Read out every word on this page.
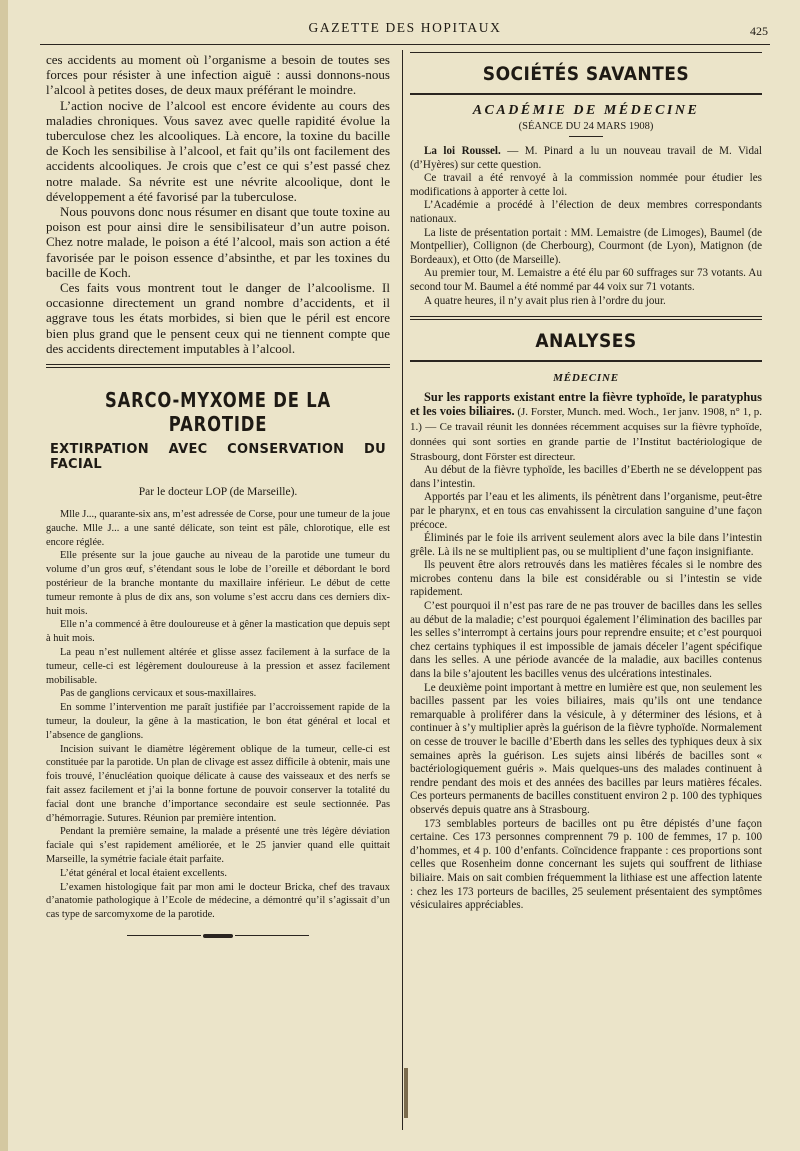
GAZETTE DES HOPITAUX	425

ces accidents au moment où l’organisme a besoin de toutes ses forces pour résister à une infection aiguë : aussi donnons-nous l’alcool à petites doses, de deux maux préférant le moindre.

L’action nocive de l’alcool est encore évidente au cours des maladies chroniques. Vous savez avec quelle rapidité évolue la tuberculose chez les alcooliques. Là encore, la toxine du bacille de Koch les sensibilise à l’alcool, et fait qu’ils ont facilement des accidents alcooliques. Je crois que c’est ce qui s’est passé chez notre malade. Sa névrite est une névrite alcoolique, dont le développement a été favorisé par la tuberculose.

Nous pouvons donc nous résumer en disant que toute toxine au poison est pour ainsi dire le sensibilisateur d’un autre poison. Chez notre malade, le poison a été l’alcool, mais son action a été favorisée par le poison essence d’absinthe, et par les toxines du bacille de Koch.

Ces faits vous montrent tout le danger de l’alcoolisme. Il occasionne directement un grand nombre d’accidents, et il aggrave tous les états morbides, si bien que le péril est encore bien plus grand que le pensent ceux qui ne tiennent compte que des accidents directement imputables à l’alcool.

SARCO-MYXOME DE LA PAROTIDE
EXTIRPATION AVEC CONSERVATION DU FACIAL
Par le docteur LOP (de Marseille).

Mlle J..., quarante-six ans, m’est adressée de Corse, pour une tumeur de la joue gauche. Mlle J... a une santé délicate, son teint est pâle, chlorotique, elle est encore réglée.

Elle présente sur la joue gauche au niveau de la parotide une tumeur du volume d’un gros œuf, s’étendant sous le lobe de l’oreille et débordant le bord postérieur de la branche montante du maxillaire inférieur. Le début de cette tumeur remonte à plus de dix ans, son volume s’est accru dans ces derniers dix-huit mois.

Elle n’a commencé à être douloureuse et à gêner la mastication que depuis sept à huit mois.

La peau n’est nullement altérée et glisse assez facilement à la surface de la tumeur, celle-ci est légèrement douloureuse à la pression et assez facilement mobilisable.

Pas de ganglions cervicaux et sous-maxillaires.

En somme l’intervention me paraît justifiée par l’accroissement rapide de la tumeur, la douleur, la gêne à la mastication, le bon état général et local et l’absence de ganglions.

Incision suivant le diamètre légèrement oblique de la tumeur, celle-ci est constituée par la parotide. Un plan de clivage est assez difficile à obtenir, mais une fois trouvé, l’énucléation quoique délicate à cause des vaisseaux et des nerfs se fait assez facilement et j’ai la bonne fortune de pouvoir conserver la totalité du facial dont une branche d’importance secondaire est seule sectionnée. Pas d’hémorragie. Sutures. Réunion par première intention.

Pendant la première semaine, la malade a présenté une très légère déviation faciale qui s’est rapidement améliorée, et le 25 janvier quand elle quittait Marseille, la symétrie faciale était parfaite.

L’état général et local étaient excellents.

L’examen histologique fait par mon ami le docteur Bricka, chef des travaux d’anatomie pathologique à l’Ecole de médecine, a démontré qu’il s’agissait d’un cas type de sarcomyxome de la parotide.

SOCIÉTÉS SAVANTES
ACADÉMIE DE MÉDECINE
(SÉANCE DU 24 MARS 1908)

La loi Roussel. — M. Pinard a lu un nouveau travail de M. Vidal (d’Hyères) sur cette question.

Ce travail a été renvoyé à la commission nommée pour étudier les modifications à apporter à cette loi.

L’Académie a procédé à l’élection de deux membres correspondants nationaux.

La liste de présentation portait : MM. Lemaistre (de Limoges), Baumel (de Montpellier), Collignon (de Cherbourg), Courmont (de Lyon), Matignon (de Bordeaux), et Otto (de Marseille).

Au premier tour, M. Lemaistre a été élu par 60 suffrages sur 73 votants. Au second tour M. Baumel a été nommé par 44 voix sur 71 votants.

A quatre heures, il n’y avait plus rien à l’ordre du jour.

ANALYSES
MÉDECINE

Sur les rapports existant entre la fièvre typhoïde, le paratyphus et les voies biliaires. (J. Forster, Munch. med. Woch., 1er janv. 1908, n° 1, p. 1.) — Ce travail réunit les données récemment acquises sur la fièvre typhoïde, données qui sont sorties en grande partie de l’Institut bactériologique de Strasbourg, dont Förster est directeur.

Au début de la fièvre typhoïde, les bacilles d’Eberth ne se développent pas dans l’intestin.

Apportés par l’eau et les aliments, ils pénètrent dans l’organisme, peut-être par le pharynx, et en tous cas envahissent la circulation sanguine d’une façon précoce.

Éliminés par le foie ils arrivent seulement alors avec la bile dans l’intestin grêle. Là ils ne se multiplient pas, ou se multiplient d’une façon insignifiante.

Ils peuvent être alors retrouvés dans les matières fécales si le nombre des microbes contenu dans la bile est considérable ou si l’intestin se vide rapidement.

C’est pourquoi il n’est pas rare de ne pas trouver de bacilles dans les selles au début de la maladie; c’est pourquoi également l’élimination des bacilles par les selles s’interrompt à certains jours pour reprendre ensuite; et c’est pourquoi chez certains typhiques il est impossible de jamais déceler l’agent spécifique dans les selles. A une période avancée de la maladie, aux bacilles contenus dans la bile s’ajoutent les bacilles venus des ulcérations intestinales.

Le deuxième point important à mettre en lumière est que, non seulement les bacilles passent par les voies biliaires, mais qu’ils ont une tendance remarquable à proliférer dans la vésicule, à y déterminer des lésions, et à continuer à s’y multiplier après la guérison de la fièvre typhoïde. Normalement on cesse de trouver le bacille d’Eberth dans les selles des typhiques deux à six semaines après la guérison. Les sujets ainsi libérés de bacilles sont « bactériologiquement guéris ». Mais quelques-uns des malades continuent à rendre pendant des mois et des années des bacilles par leurs matières fécales. Ces porteurs permanents de bacilles constituent environ 2 p. 100 des typhiques observés depuis quatre ans à Strasbourg.

173 semblables porteurs de bacilles ont pu être dépistés d’une façon certaine. Ces 173 personnes comprennent 79 p. 100 de femmes, 17 p. 100 d’hommes, et 4 p. 100 d’enfants. Coïncidence frappante : ces proportions sont celles que Rosenheim donne concernant les sujets qui souffrent de lithiase biliaire. Mais on sait combien fréquemment la lithiase est une affection latente : chez les 173 porteurs de bacilles, 25 seulement présentaient des symptômes vésiculaires appréciables.
